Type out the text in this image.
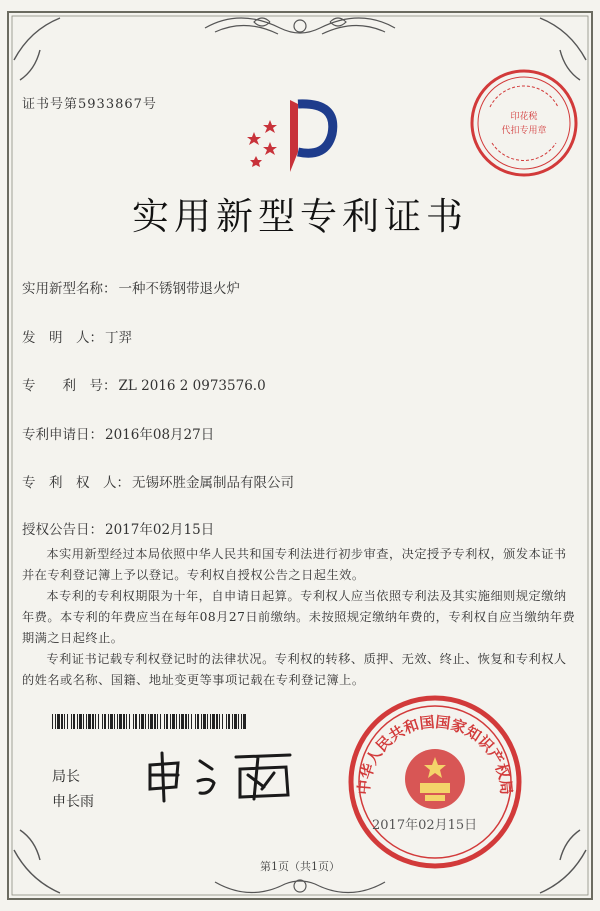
印花税
代扣专用章
证书号第5933867号
实用新型专利证书
实用新型名称： 一种不锈钢带退火炉
发　明　人： 丁羿
专　　利　号： ZL 2016 2 0973576.0
专利申请日： 2016年08月27日
专　利　权　人： 无锡环胜金属制品有限公司
授权公告日： 2017年02月15日
本实用新型经过本局依照中华人民共和国专利法进行初步审查，决定授予专利权，颁发本证书并在专利登记簿上予以登记。专利权自授权公告之日起生效。
本专利的专利权期限为十年，自申请日起算。专利权人应当依照专利法及其实施细则规定缴纳年费。本专利的年费应当在每年08月27日前缴纳。未按照规定缴纳年费的，专利权自应当缴纳年费期满之日起终止。
专利证书记载专利权登记时的法律状况。专利权的转移、质押、无效、终止、恢复和专利权人的姓名或名称、国籍、地址变更等事项记载在专利登记簿上。
局长
申长雨
中华人民共和国国家知识产权局
2017年02月15日
第1页（共1页）
